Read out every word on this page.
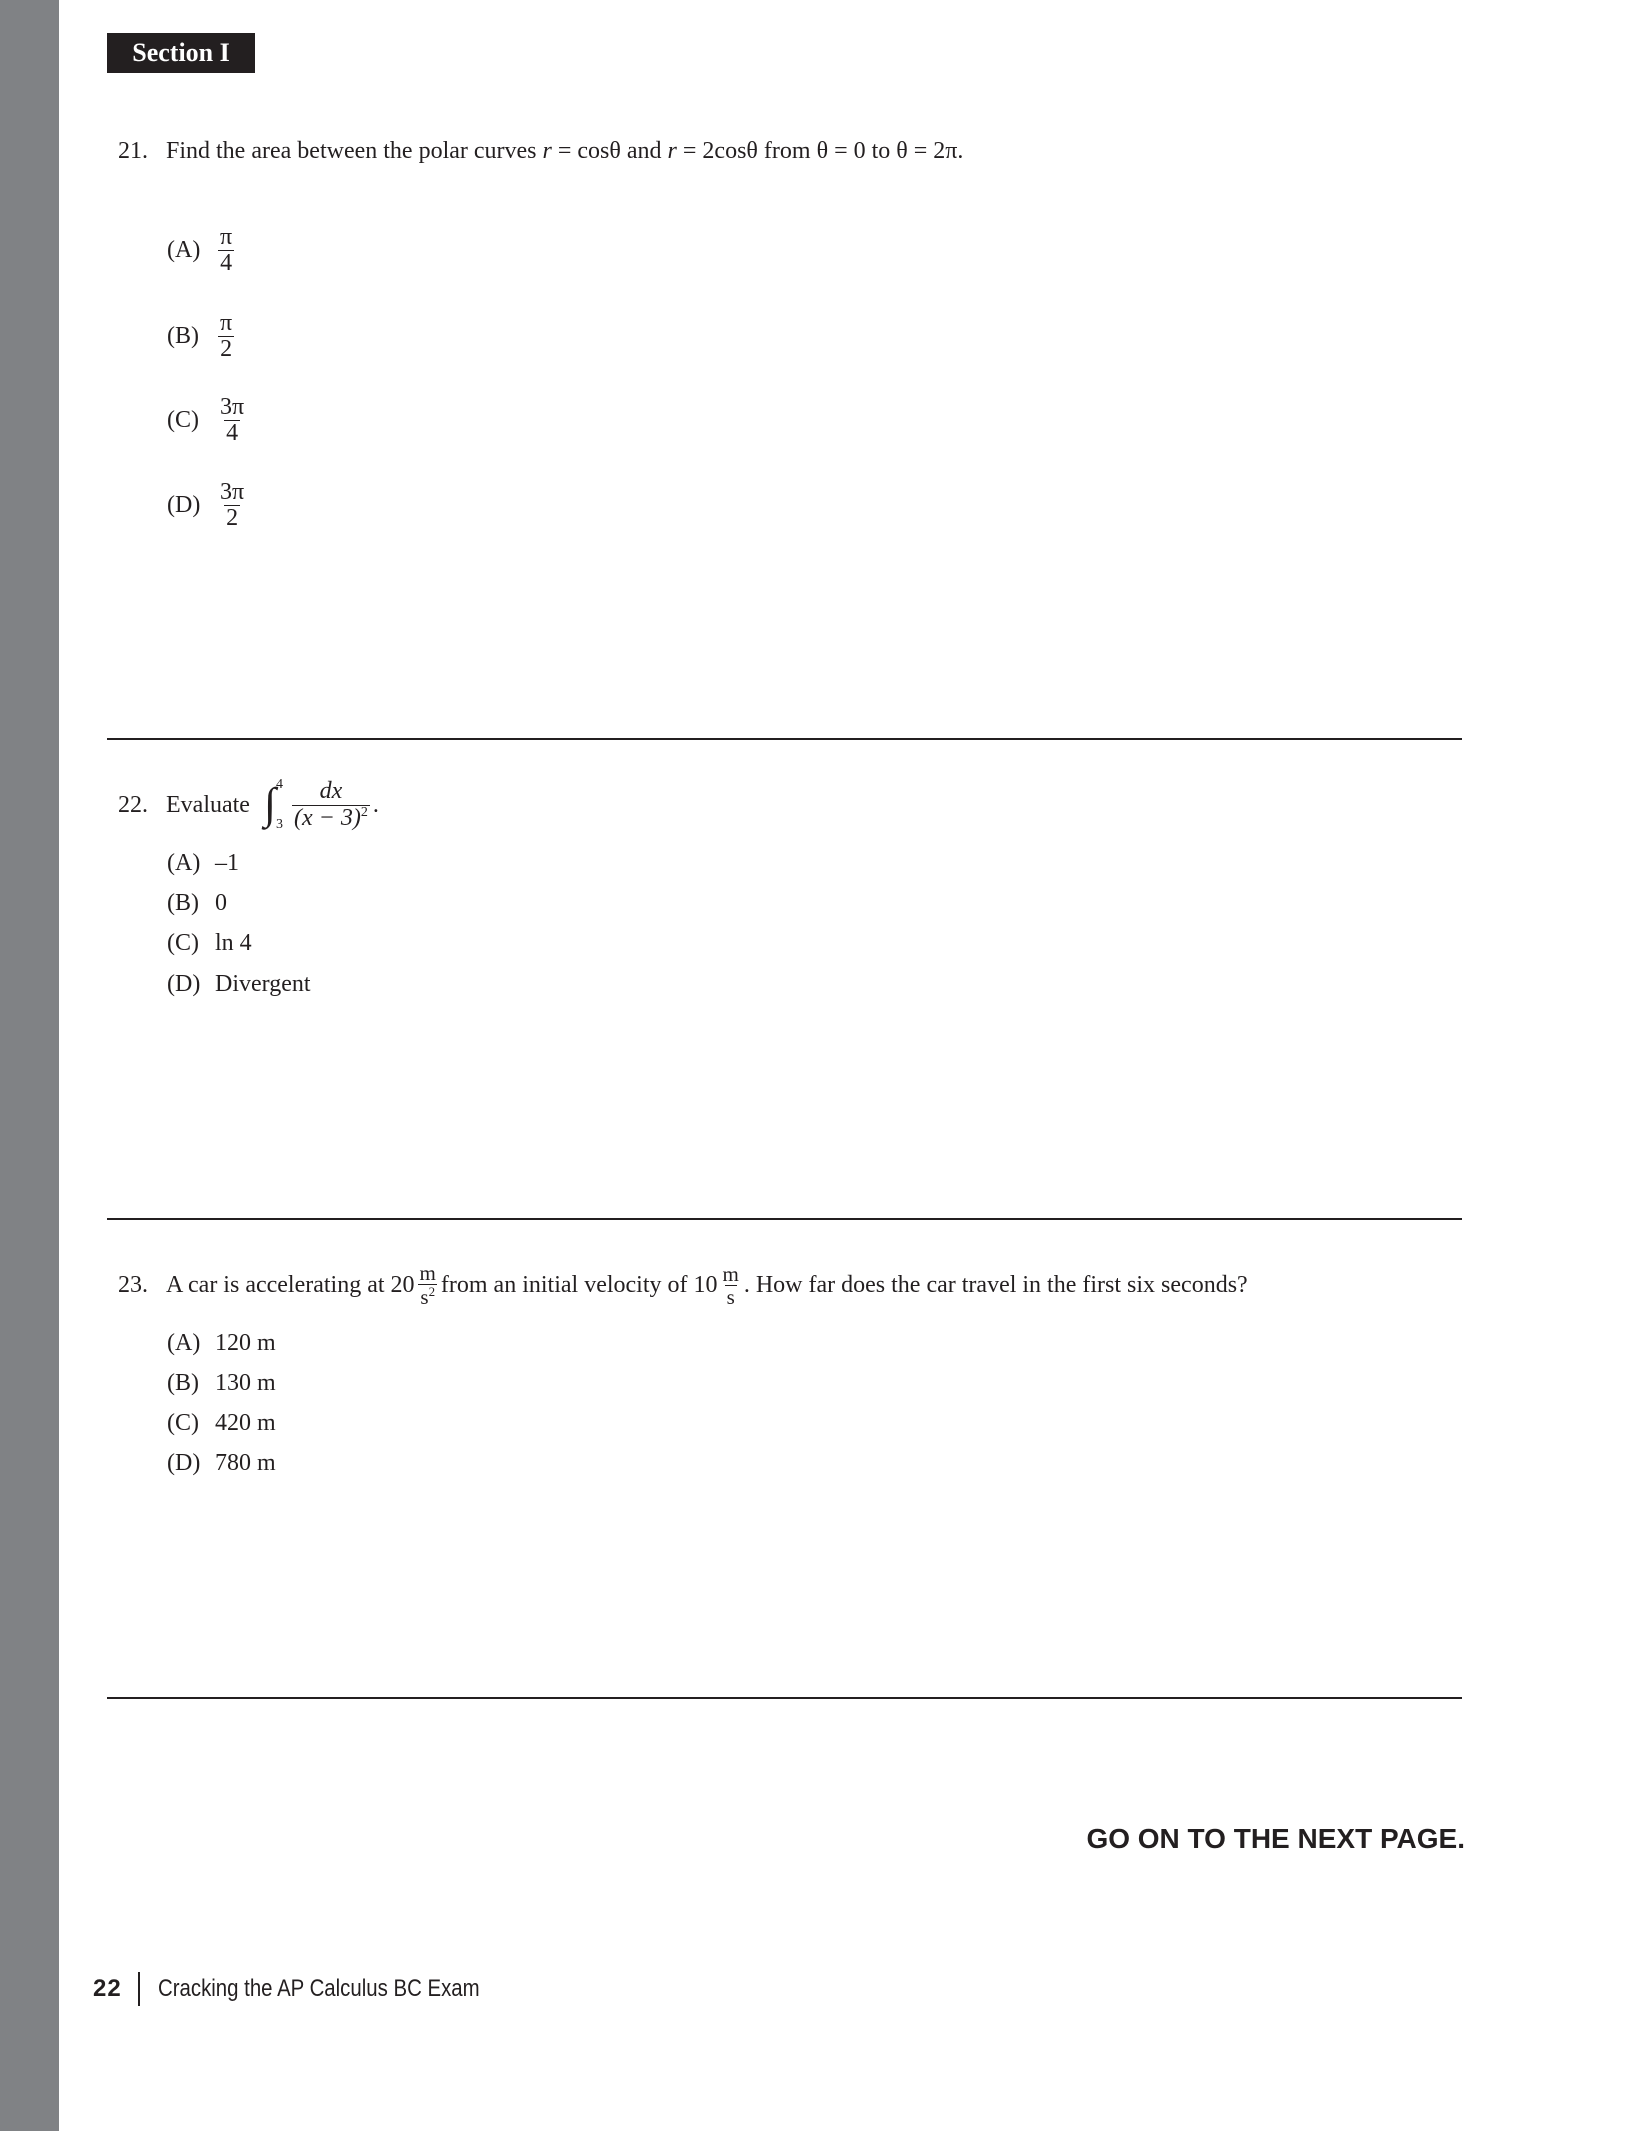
Section I
21. Find the area between the polar curves r = cosθ and r = 2cosθ from θ = 0 to θ = 2π.
$(A) \frac{\pi}{4}$
$(B) \frac{\pi}{2}$
$(C) \frac{3\pi}{4}$
$(D) \frac{3\pi}{2}$
22. Evaluate ∫ 4
$3 \frac{dx}{(x - 3)^2}$ .
(A) –1
(B) 0
(C) ln 4
(D) Divergent
23. A car is accelerating at $20 \frac{m}{s^2}$ from an initial velocity of $10 \frac{m}{s}$ . How far does the car travel in the first six seconds?
(A) 120 m
(B) 130 m
(C) 420 m
(D) 780 m
GO ON TO THE NEXT PAGE.
22 Cracking the AP Calculus BC Exam
